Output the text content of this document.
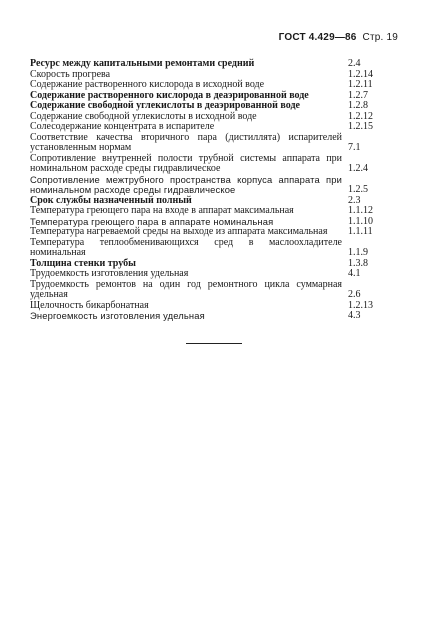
ГОСТ 4.429—86 Стр. 19
Ресурс между капитальными ремонтами средний	2.4
Скорость прогрева	1.2.14
Содержание растворенного кислорода в исходной воде	1.2.11
Содержание растворенного кислорода в деаэрированной воде	1.2.7
Содержание свободной углекислоты в деаэрированной воде	1.2.8
Содержание свободной углекислоты в исходной воде	1.2.12
Солесодержание концентрата в испарителе	1.2.15
Соответствие качества вторичного пара (дистиллята) испарителей установленным нормам	7.1
Сопротивление внутренней полости трубной системы аппарата при номинальном расходе среды гидравлическое	1.2.4
Сопротивление межтрубного пространства корпуса аппарата при номинальном расходе среды гидравлическое	1.2.5
Срок службы назначенный полный	2.3
Температура греющего пара на входе в аппарат максимальная	1.1.12
Температура греющего пара в аппарате номинальная	1.1.10
Температура нагреваемой среды на выходе из аппарата максимальная	1.1.11
Температура теплообменивающихся сред в маслоохладителе номинальная	1.1.9
Толщина стенки трубы	1.3.8
Трудоемкость изготовления удельная	4.1
Трудоемкость ремонтов на один год ремонтного цикла суммарная удельная	2.6
Щелочность бикарбонатная	1.2.13
Энергоемкость изготовления удельная	4.3
